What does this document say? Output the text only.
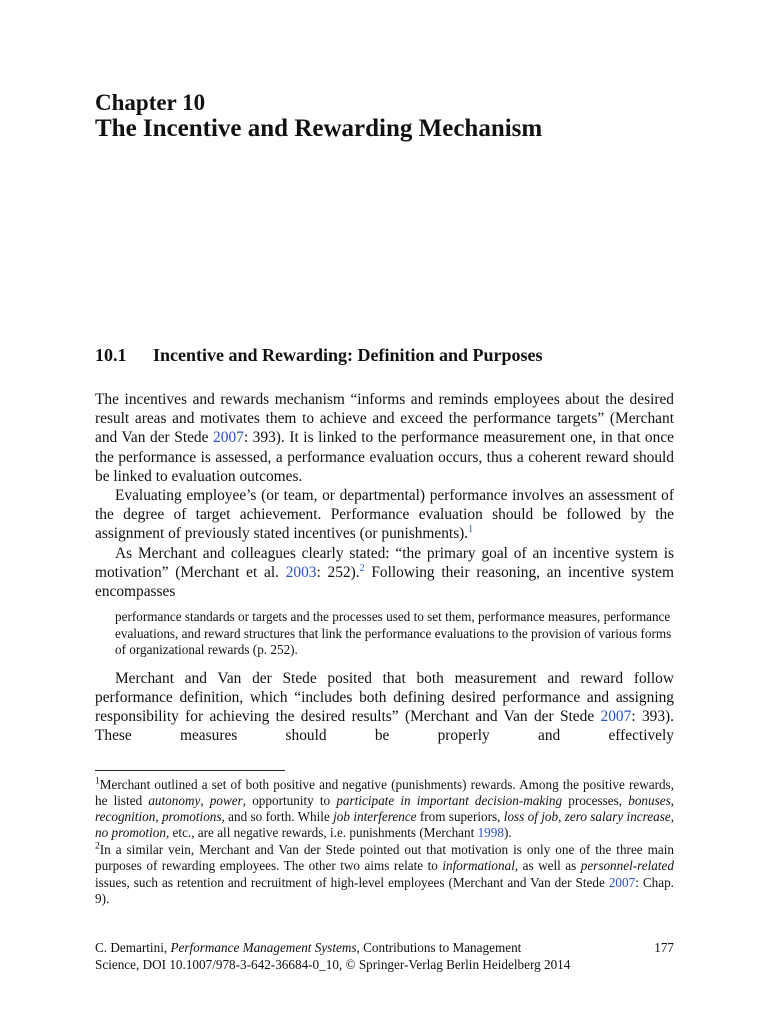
Chapter 10
The Incentive and Rewarding Mechanism
10.1 Incentive and Rewarding: Definition and Purposes

The incentives and rewards mechanism “informs and reminds employees about the desired result areas and motivates them to achieve and exceed the performance targets” (Merchant and Van der Stede 2007: 393). It is linked to the performance measurement one, in that once the performance is assessed, a performance evaluation occurs, thus a coherent reward should be linked to evaluation outcomes.

Evaluating employee’s (or team, or departmental) performance involves an assessment of the degree of target achievement. Performance evaluation should be followed by the assignment of previously stated incentives (or punishments).$^1$

As Merchant and colleagues clearly stated: “the primary goal of an incentive system is motivation” (Merchant et al. 2003: 252).$^2$ Following their reasoning, an incentive system encompasses

performance standards or targets and the processes used to set them, performance measures, performance evaluations, and reward structures that link the performance evaluations to the provision of various forms of organizational rewards (p. 252).

Merchant and Van der Stede posited that both measurement and reward follow performance definition, which “includes both defining desired performance and assigning responsibility for achieving the desired results” (Merchant and Van der Stede 2007: 393). These measures should be properly and effectively

$^1$Merchant outlined a set of both positive and negative (punishments) rewards. Among the positive rewards, he listed autonomy, power, opportunity to participate in important decision-making processes, bonuses, recognition, promotions, and so forth. While job interference from superiors, loss of job, zero salary increase, no promotion, etc., are all negative rewards, i.e. punishments (Merchant 1998).

$^2$In a similar vein, Merchant and Van der Stede pointed out that motivation is only one of the three main purposes of rewarding employees. The other two aims relate to informational, as well as personnel-related issues, such as retention and recruitment of high-level employees (Merchant and Van der Stede 2007: Chap. 9).

C. Demartini, Performance Management Systems, Contributions to Management
Science, DOI 10.1007/978-3-642-36684-0_10, © Springer-Verlag Berlin Heidelberg 2014
177
